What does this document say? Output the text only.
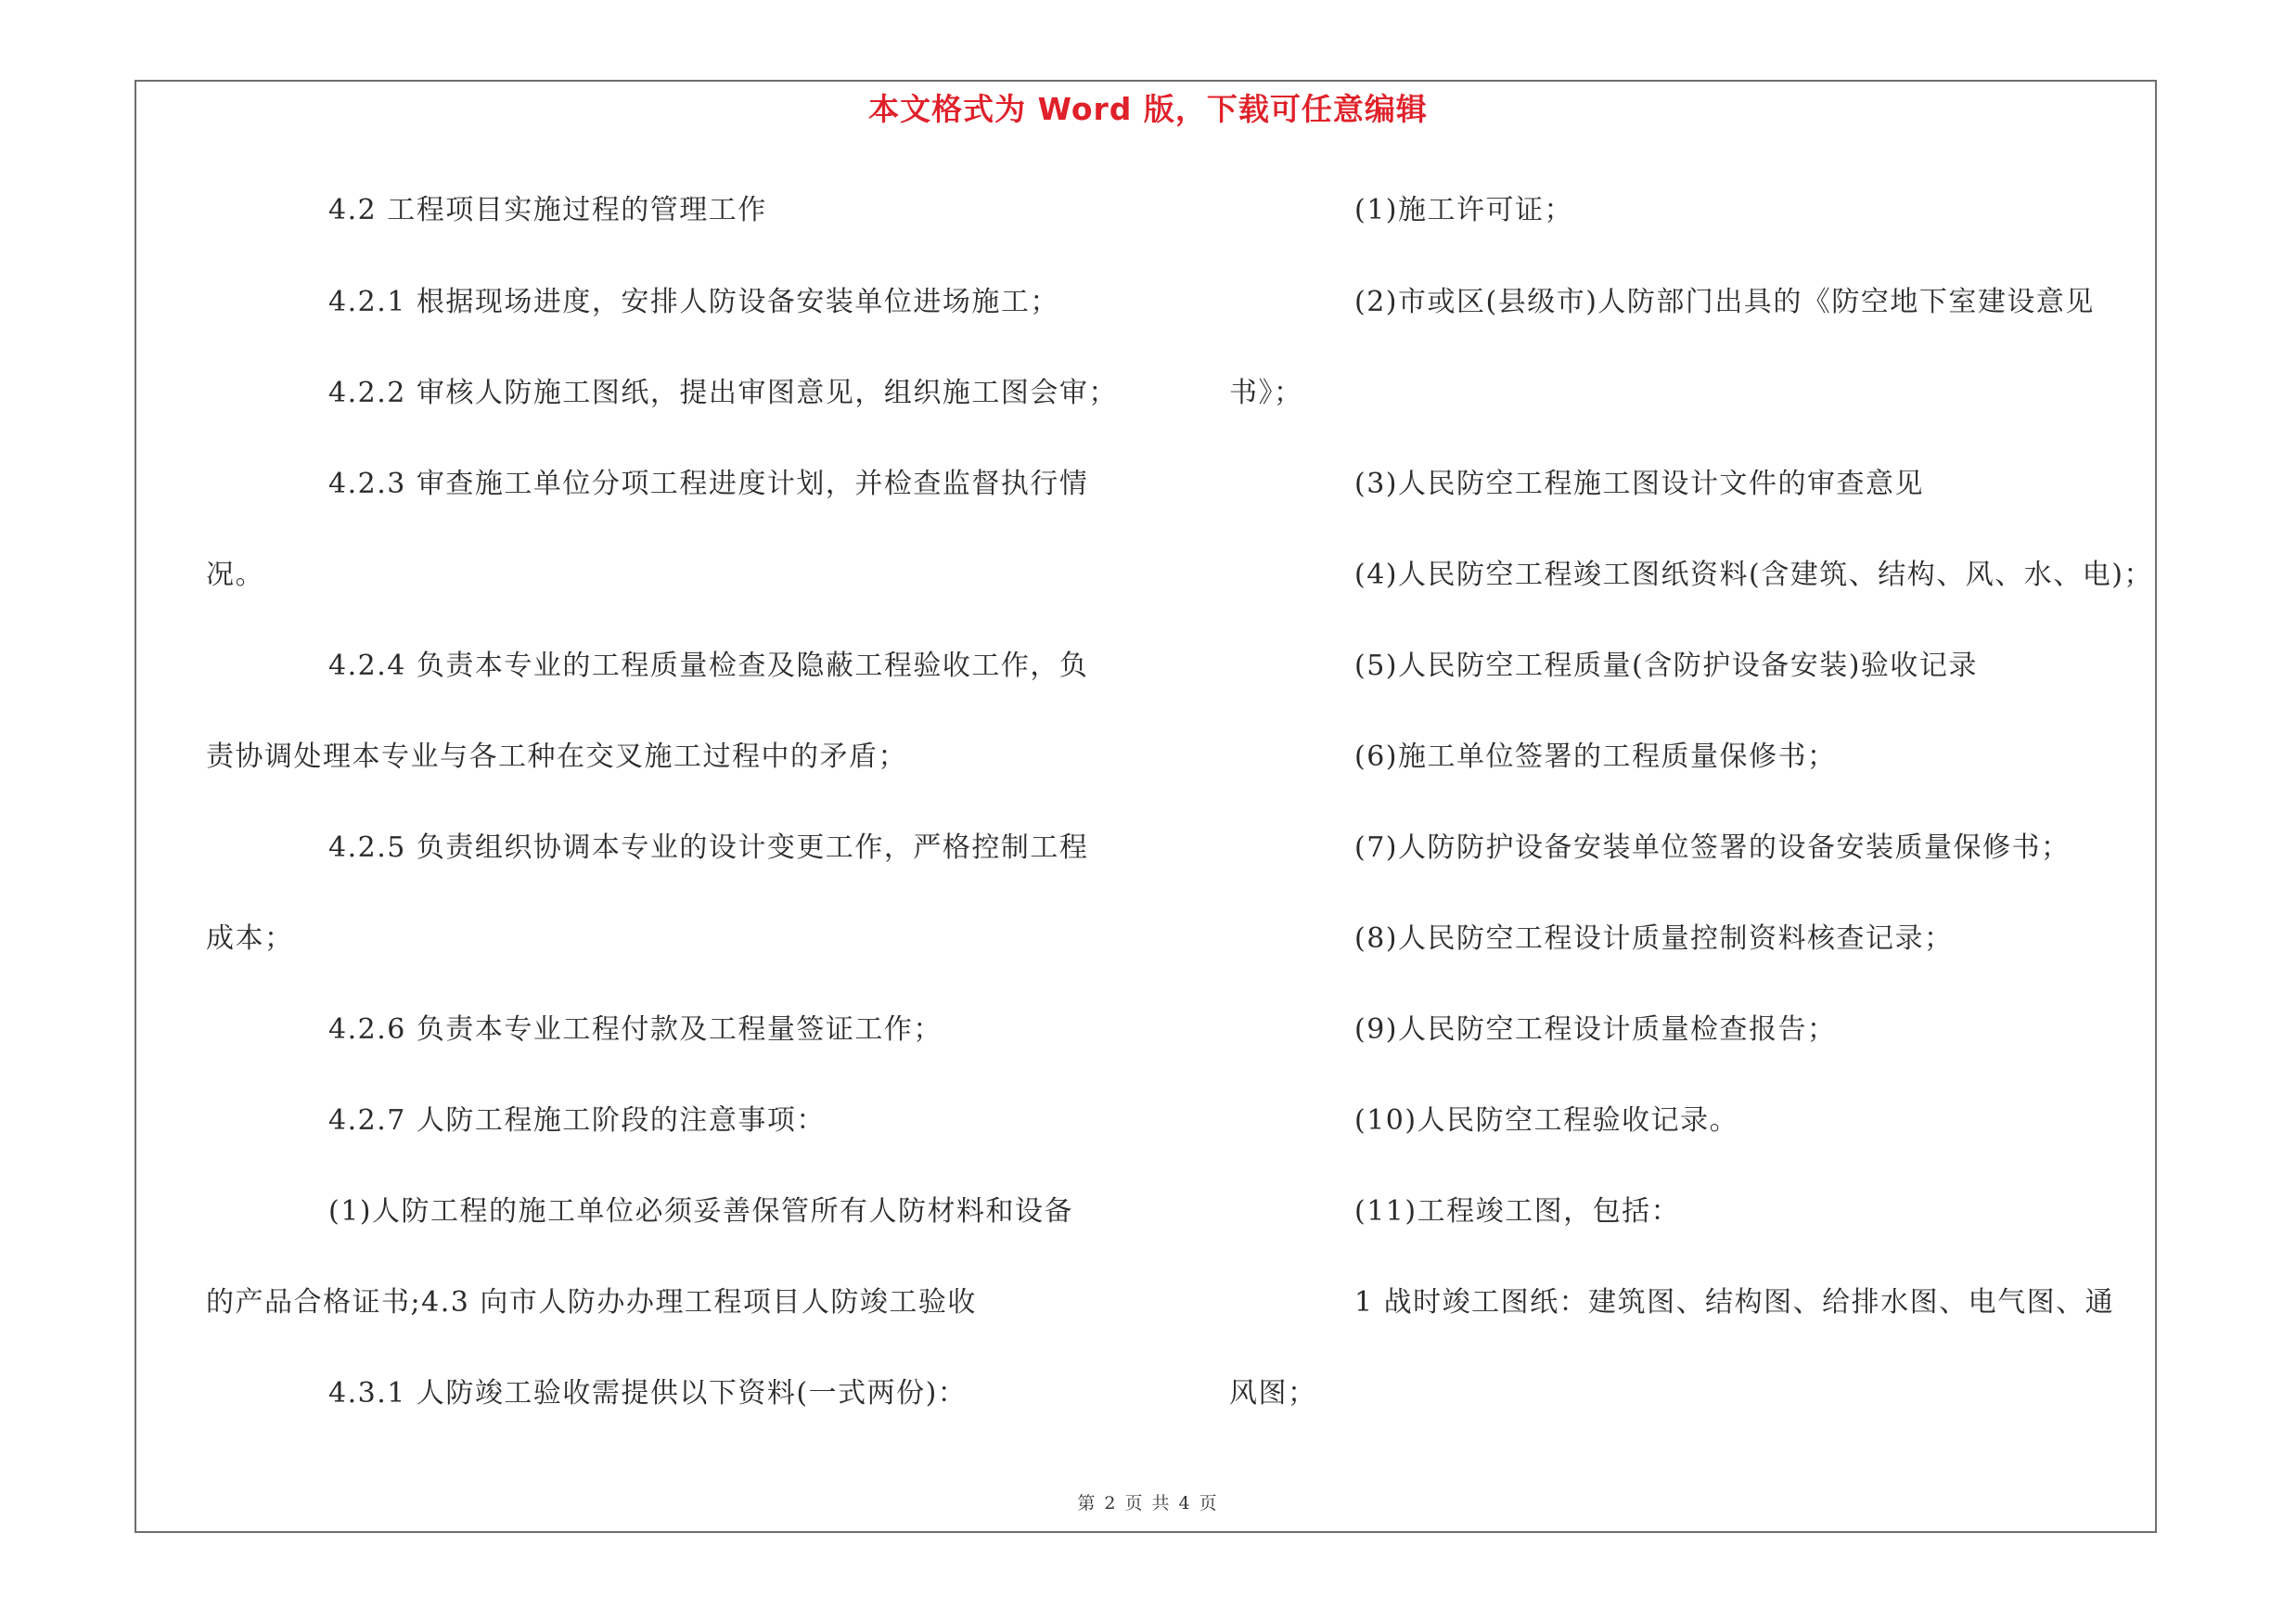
本文格式为 Word 版，下载可任意编辑
4.2 工程项目实施过程的管理工作
4.2.1 根据现场进度，安排人防设备安装单位进场施工；
4.2.2 审核人防施工图纸，提出审图意见，组织施工图会审；
4.2.3 审查施工单位分项工程进度计划，并检查监督执行情
况。
4.2.4 负责本专业的工程质量检查及隐蔽工程验收工作，负
责协调处理本专业与各工种在交叉施工过程中的矛盾；
4.2.5 负责组织协调本专业的设计变更工作，严格控制工程
成本；
4.2.6 负责本专业工程付款及工程量签证工作；
4.2.7 人防工程施工阶段的注意事项：
(1)人防工程的施工单位必须妥善保管所有人防材料和设备
的产品合格证书;4.3 向市人防办办理工程项目人防竣工验收
4.3.1 人防竣工验收需提供以下资料(一式两份)：
(1)施工许可证；
(2)市或区(县级市)人防部门出具的《防空地下室建设意见
书》；
(3)人民防空工程施工图设计文件的审查意见
(4)人民防空工程竣工图纸资料(含建筑、结构、风、水、电)；
(5)人民防空工程质量(含防护设备安装)验收记录
(6)施工单位签署的工程质量保修书；
(7)人防防护设备安装单位签署的设备安装质量保修书；
(8)人民防空工程设计质量控制资料核查记录；
(9)人民防空工程设计质量检查报告；
(10)人民防空工程验收记录。
(11)工程竣工图，包括：
1 战时竣工图纸：建筑图、结构图、给排水图、电气图、通
风图；
第 2 页 共 4 页
